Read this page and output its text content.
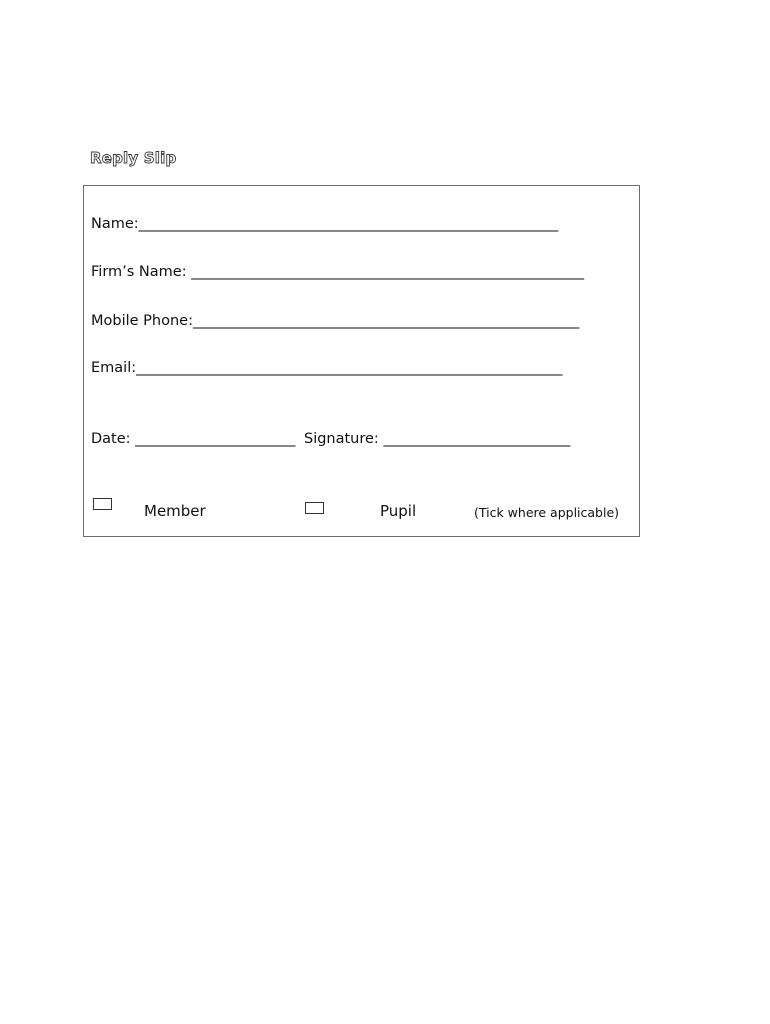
Reply Slip
Name:_______________________________________________________________
Firm’s Name: ___________________________________________________________
Mobile Phone:__________________________________________________________
Email:________________________________________________________________
Date: ________________________  Signature: ____________________________
Member	Pupil	(Tick where applicable)
